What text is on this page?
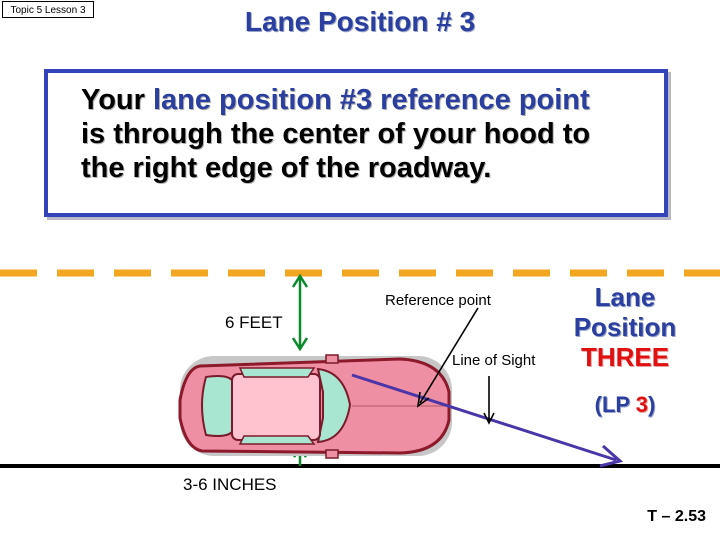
Topic 5 Lesson 3	Lane Position # 3
Your lane position #3 reference point
is through the center of your hood to
the right edge of the roadway.
6 FEET
3-6 INCHES
Reference point
Line of Sight
Lane
Position
THREE
(LP 3)
T – 2.53
